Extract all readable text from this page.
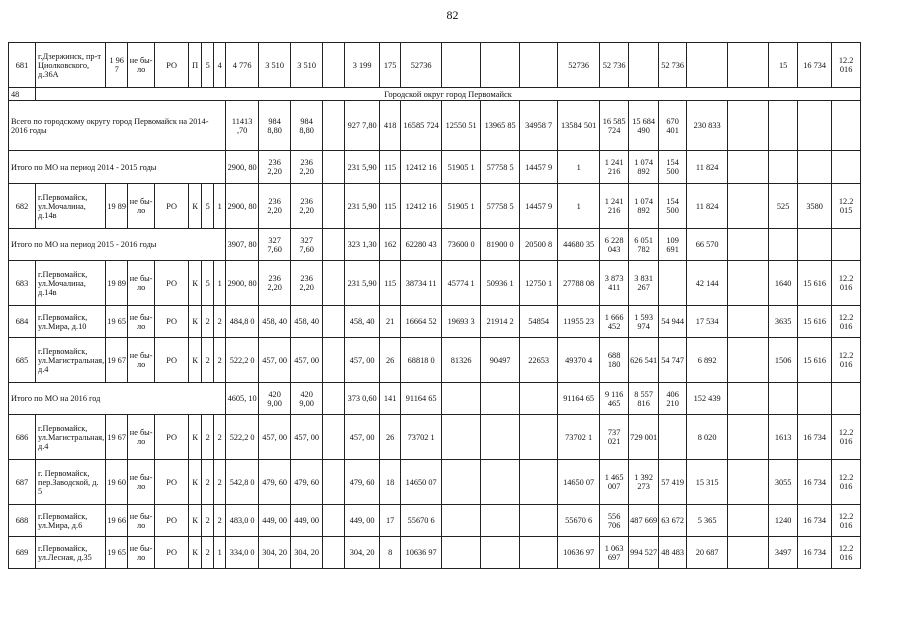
82
681	г.Дзержинск, пр-т Циолковского, д.36А	1 96 7	не бы- ло	РО	П	5	4	4 776	3 510	3 510		3 199	175	52736				52736	52 736		52 736			15	16 734	12.2 016
48	Городской округ город Первомайск																									
Всего по городскому округу город Первомайск на 2014-2016 годы								11413 ,70	984 8,80	984 8,80		927 7,80	418	16585 724	12550 51	13965 85	34958 7	13584 501	16 585 724	15 684 490	670 401	230 833				
Итого по МО на период 2014 - 2015 годы								2900, 80	236 2,20	236 2,20		231 5,90	115	12412 16	51905 1	57758 5	14457 9	1	1 241 216	1 074 892	154 500	11 824				
682	г.Первомайск, ул.Мочалина, д.14в	19 89	не бы- ло	РО	К	5	1	2900, 80	236 2,20	236 2,20		231 5,90	115	12412 16	51905 1	57758 5	14457 9	1	1 241 216	1 074 892	154 500	11 824		525	3580	12.2 015
Итого по МО на период 2015 - 2016 годы								3907, 80	327 7,60	327 7,60		323 1,30	162	62280 43	73600 0	81900 0	20500 8	44680 35	6 228 043	6 051 782	109 691	66 570				
683	г.Первомайск, ул.Мочалина, д.14в	19 89	не бы- ло	РО	К	5	1	2900, 80	236 2,20	236 2,20		231 5,90	115	38734 11	45774 1	50936 1	12750 1	27788 08	3 873 411	3 831 267		42 144		1640	15 616	12.2 016
684	г.Первомайск, ул.Мира, д.10	19 65	не бы- ло	РО	К	2	2	484,8 0	458, 40	458, 40		458, 40	21	16664 52	19693 3	21914 2	54854	11955 23	1 666 452	1 593 974	54 944	17 534		3635	15 616	12.2 016
685	г.Первомайск, ул.Магистральная, д.4	19 67	не бы- ло	РО	К	2	2	522,2 0	457, 00	457, 00		457, 00	26	68818 0	81326	90497	22653	49370 4	688 180	626 541	54 747	6 892		1506	15 616	12.2 016
Итого по МО на 2016 год								4605, 10	420 9,00	420 9,00		373 0,60	141	91164 65				91164 65	9 116 465	8 557 816	406 210	152 439				
686	г.Первомайск, ул.Магистральная, д.4	19 67	не бы- ло	РО	К	2	2	522,2 0	457, 00	457, 00		457, 00	26	73702 1				73702 1	737 021	729 001		8 020		1613	16 734	12.2 016
687	г. Первомайск, пер.Заводской, д. 5	19 60	не бы- ло	РО	К	2	2	542,8 0	479, 60	479, 60		479, 60	18	14650 07				14650 07	1 465 007	1 392 273	57 419	15 315		3055	16 734	12.2 016
688	г.Первомайск, ул.Мира, д.6	19 66	не бы- ло	РО	К	2	2	483,0 0	449, 00	449, 00		449, 00	17	55670 6				55670 6	556 706	487 669	63 672	5 365		1240	16 734	12.2 016
689	г.Первомайск, ул.Лесная, д.35	19 65	не бы- ло	РО	К	2	1	334,0 0	304, 20	304, 20		304, 20	8	10636 97				10636 97	1 063 697	994 527	48 483	20 687		3497	16 734	12.2 016
